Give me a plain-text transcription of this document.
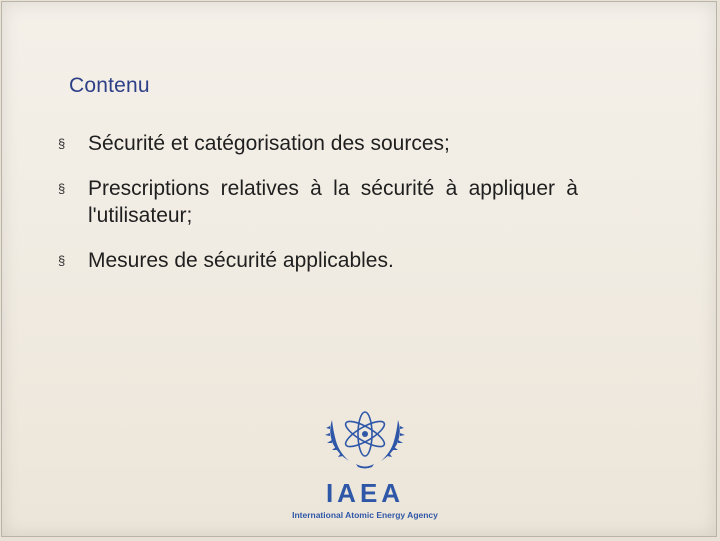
Contenu
§ Sécurité et catégorisation des sources;
§ Prescriptions relatives à la sécurité à appliquer à l'utilisateur;
§ Mesures de sécurité applicables.
IAEA
International Atomic Energy Agency
